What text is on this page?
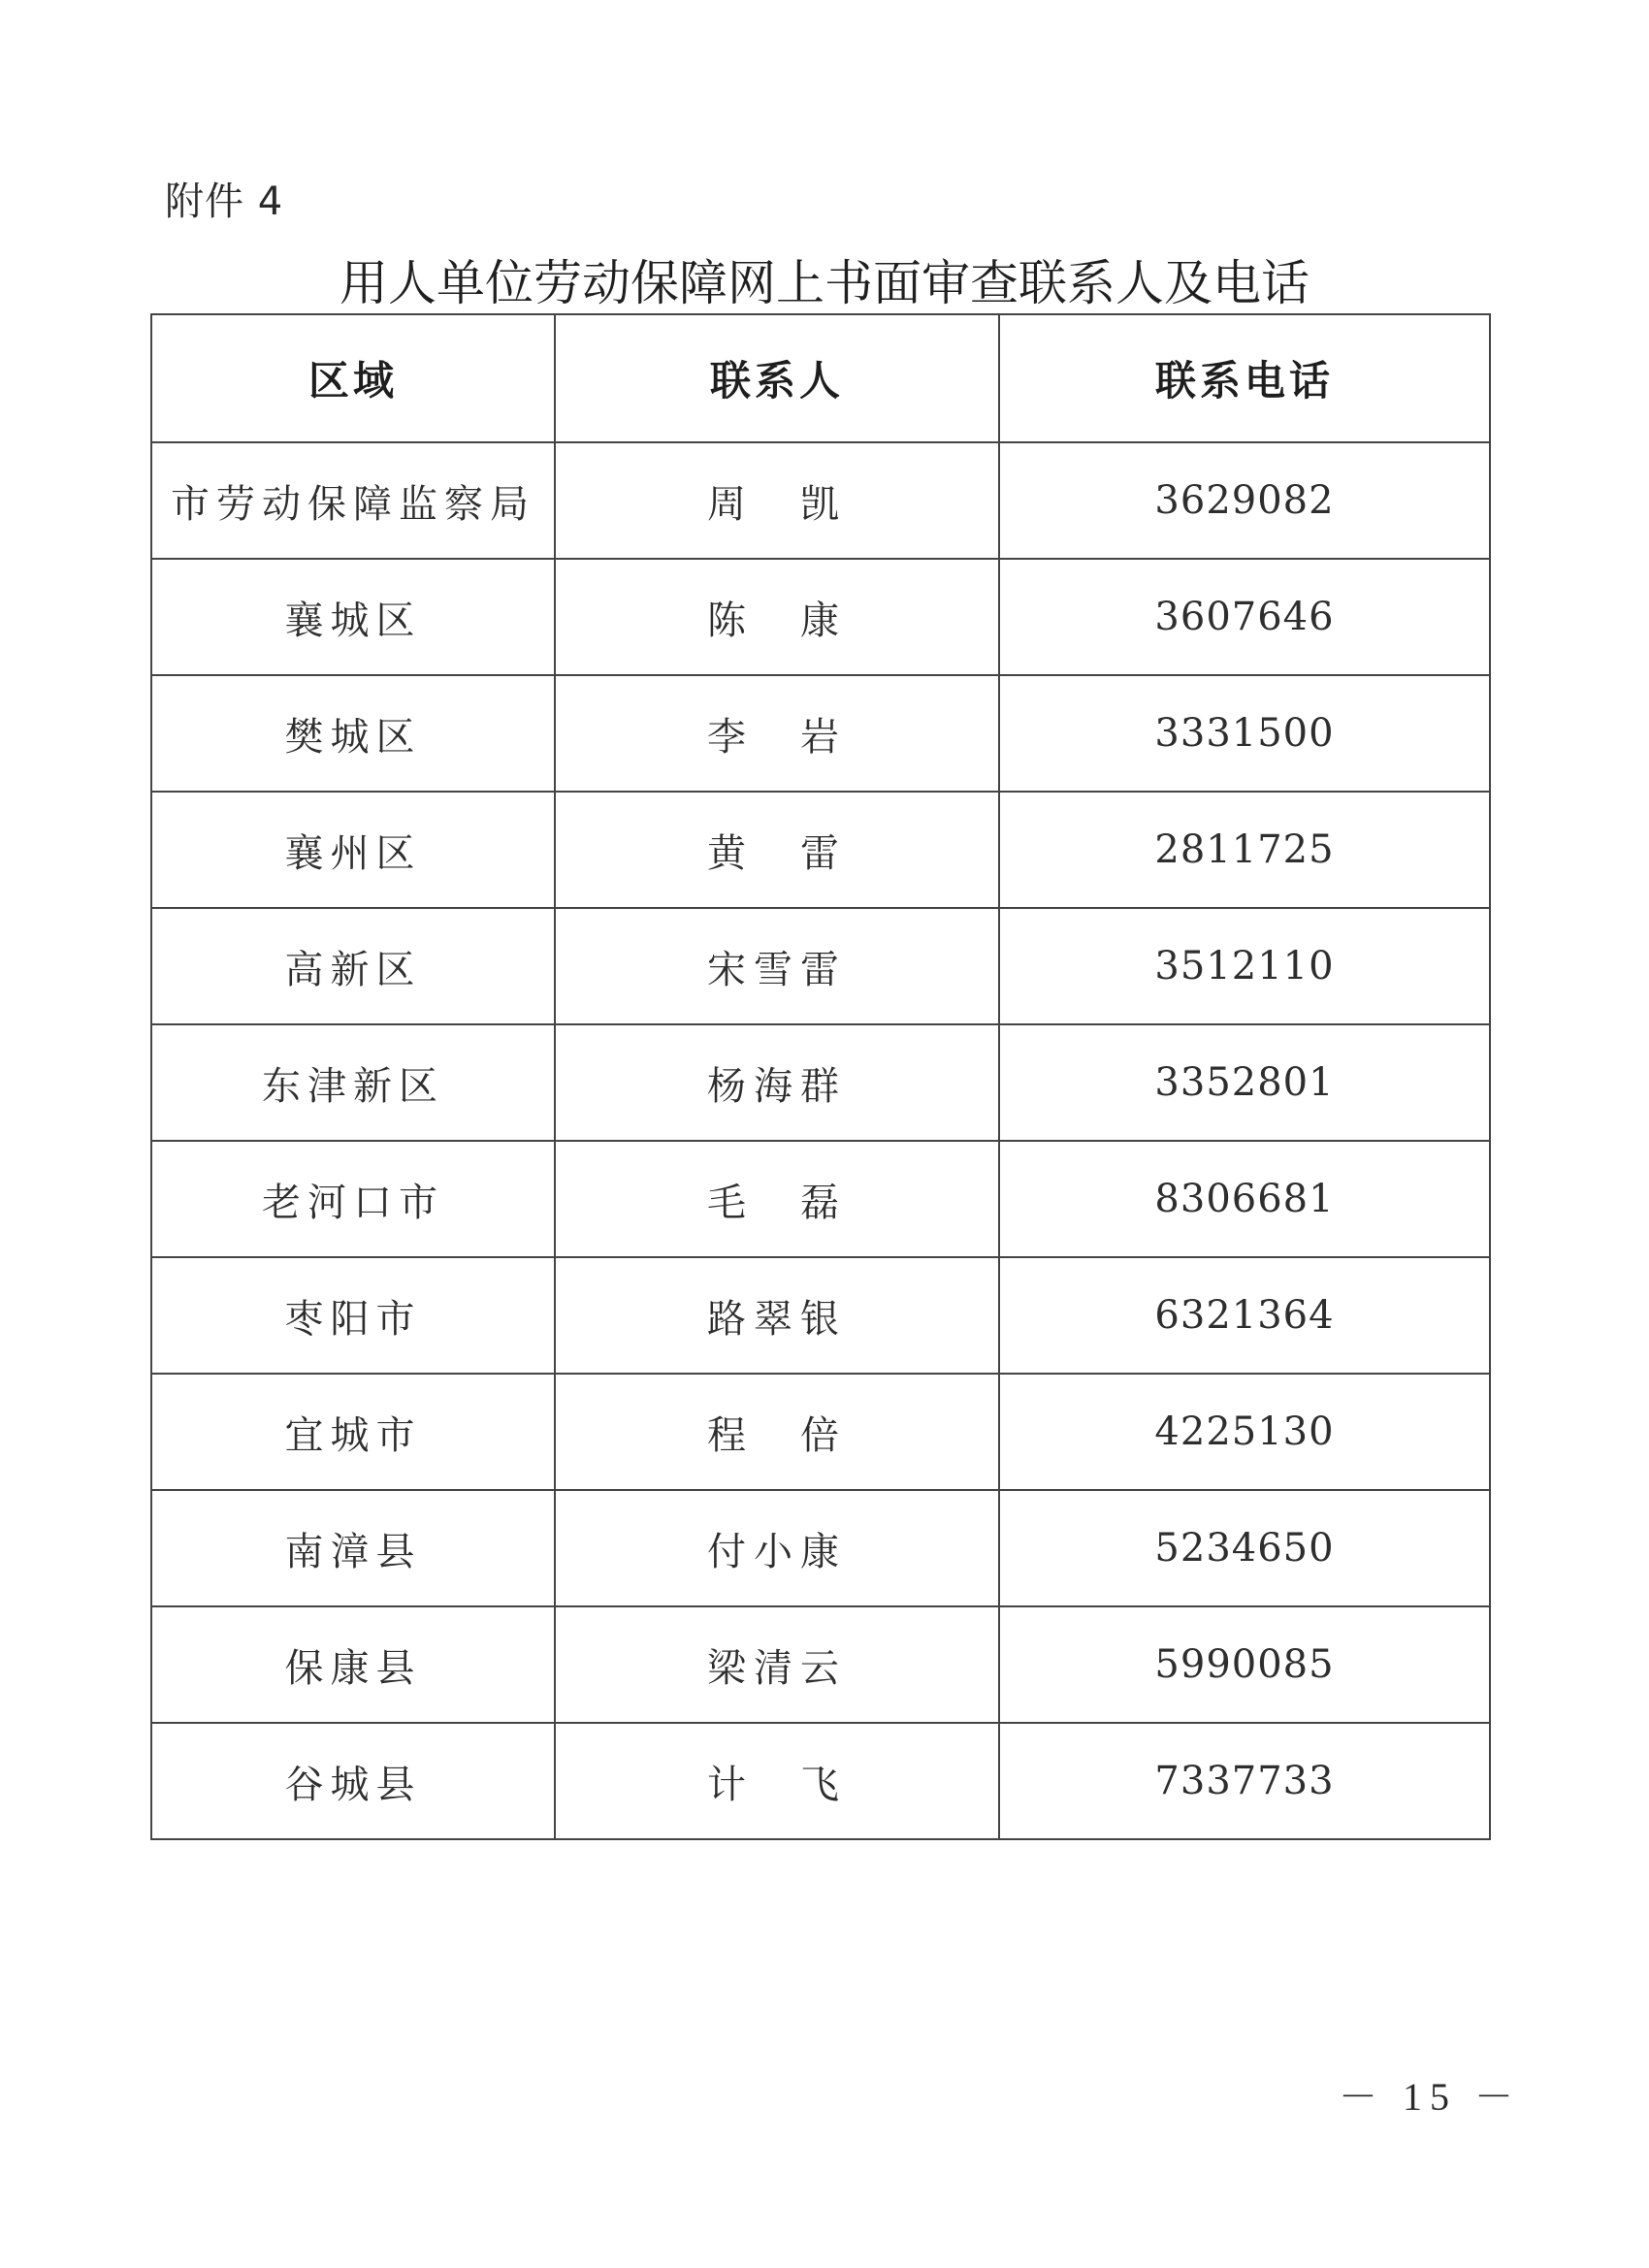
附件 4
用人单位劳动保障网上书面审查联系人及电话
区域	联系人	联系电话
市劳动保障监察局	周　凯	3629082
襄城区	陈　康	3607646
樊城区	李　岩	3331500
襄州区	黄　雷	2811725
高新区	宋雪雷	3512110
东津新区	杨海群	3352801
老河口市	毛　磊	8306681
枣阳市	路翠银	6321364
宜城市	程　倍	4225130
南漳县	付小康	5234650
保康县	梁清云	5990085
谷城县	计　飞	7337733
－ 15 －
